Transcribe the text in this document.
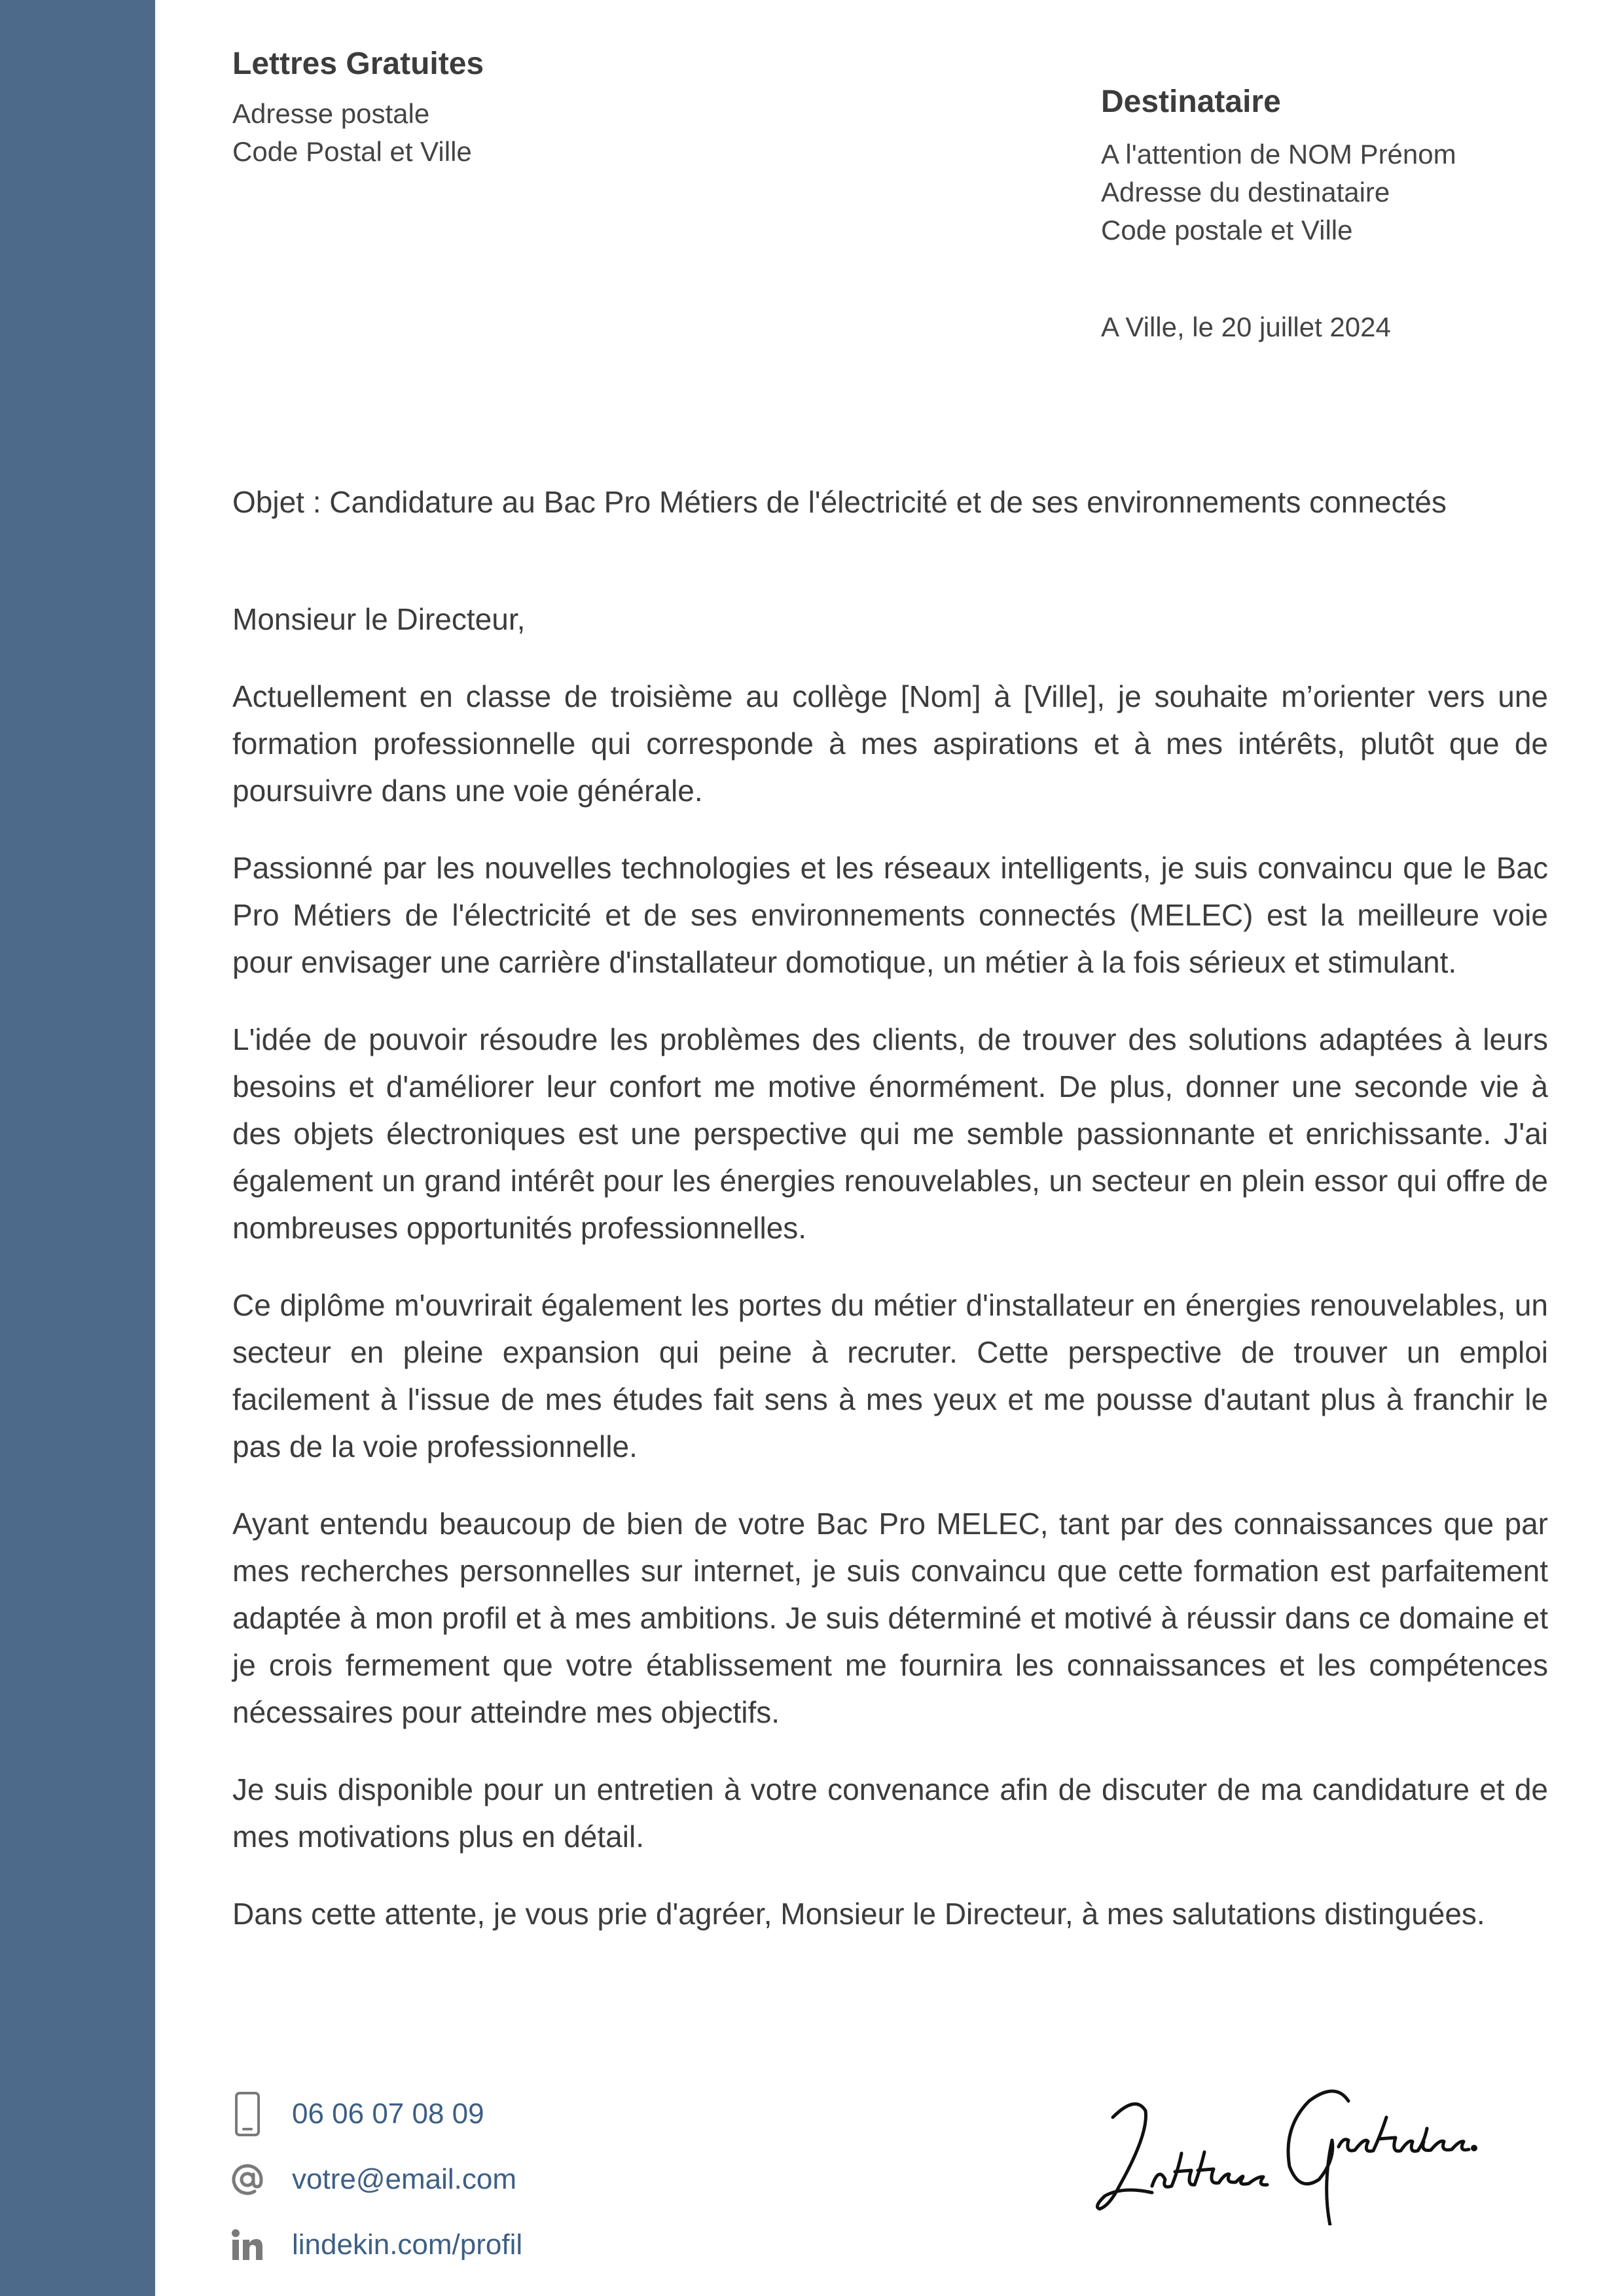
Lettres Gratuites
Adresse postale
Code Postal et Ville
Destinataire
A l'attention de NOM Prénom
Adresse du destinataire
Code postale et Ville
A Ville, le 20 juillet 2024
Objet : Candidature au Bac Pro Métiers de l'électricité et de ses environnements connectés

Monsieur le Directeur,

Actuellement en classe de troisième au collège [Nom] à [Ville], je souhaite m’orienter vers une formation professionnelle qui corresponde à mes aspirations et à mes intérêts, plutôt que de poursuivre dans une voie générale.

Passionné par les nouvelles technologies et les réseaux intelligents, je suis convaincu que le Bac Pro Métiers de l'électricité et de ses environnements connectés (MELEC) est la meilleure voie pour envisager une carrière d'installateur domotique, un métier à la fois sérieux et stimulant.

L'idée de pouvoir résoudre les problèmes des clients, de trouver des solutions adaptées à leurs besoins et d'améliorer leur confort me motive énormément. De plus, donner une seconde vie à des objets électroniques est une perspective qui me semble passionnante et enrichissante. J'ai également un grand intérêt pour les énergies renouvelables, un secteur en plein essor qui offre de nombreuses opportunités professionnelles.

Ce diplôme m'ouvrirait également les portes du métier d'installateur en énergies renouvelables, un secteur en pleine expansion qui peine à recruter. Cette perspective de trouver un emploi facilement à l'issue de mes études fait sens à mes yeux et me pousse d'autant plus à franchir le pas de la voie professionnelle.

Ayant entendu beaucoup de bien de votre Bac Pro MELEC, tant par des connaissances que par mes recherches personnelles sur internet, je suis convaincu que cette formation est parfaitement adaptée à mon profil et à mes ambitions. Je suis déterminé et motivé à réussir dans ce domaine et je crois fermement que votre établissement me fournira les connaissances et les compétences nécessaires pour atteindre mes objectifs.

Je suis disponible pour un entretien à votre convenance afin de discuter de ma candidature et de mes motivations plus en détail.

Dans cette attente, je vous prie d'agréer, Monsieur le Directeur, à mes salutations distinguées.

06 06 07 08 09
votre@email.com
lindekin.com/profil
